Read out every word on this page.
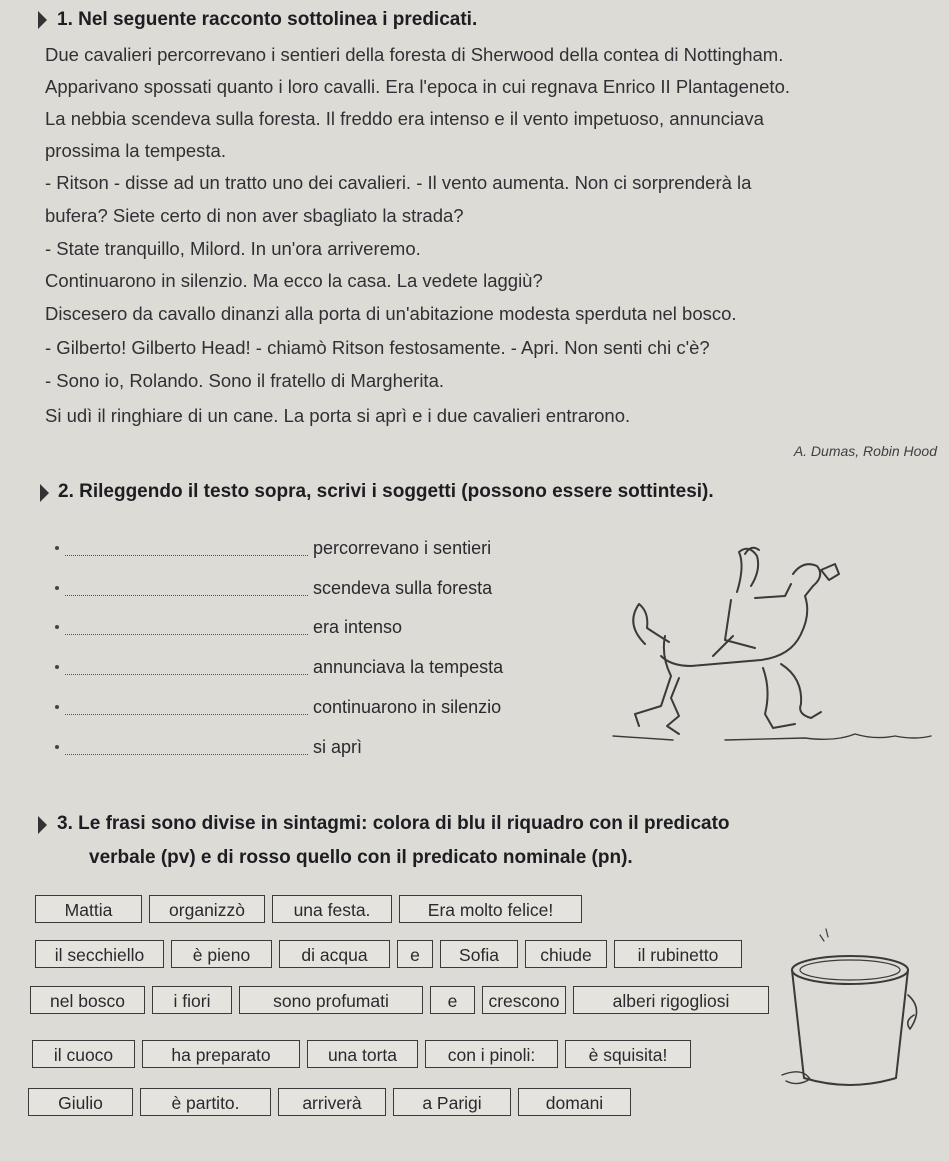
1. Nel seguente racconto sottolinea i predicati.
Due cavalieri percorrevano i sentieri della foresta di Sherwood della contea di Nottingham.
Apparivano spossati quanto i loro cavalli. Era l'epoca in cui regnava Enrico II Plantageneto.
La nebbia scendeva sulla foresta. Il freddo era intenso e il vento impetuoso, annunciava
prossima la tempesta.
- Ritson - disse ad un tratto uno dei cavalieri. - Il vento aumenta. Non ci sorprenderà la
bufera? Siete certo di non aver sbagliato la strada?
- State tranquillo, Milord. In un'ora arriveremo.
Continuarono in silenzio. Ma ecco la casa. La vedete laggiù?
Discesero da cavallo dinanzi alla porta di un'abitazione modesta sperduta nel bosco.
- Gilberto! Gilberto Head! - chiamò Ritson festosamente. - Apri. Non senti chi c'è?
- Sono io, Rolando. Sono il fratello di Margherita.
Si udì il ringhiare di un cane. La porta si aprì e i due cavalieri entrarono.
A. Dumas, Robin Hood
2. Rileggendo il testo sopra, scrivi i soggetti (possono essere sottintesi).
percorrevano i sentieri
scendeva sulla foresta
era intenso
annunciava la tempesta
continuarono in silenzio
si aprì
3. Le frasi sono divise in sintagmi: colora di blu il riquadro con il predicato
verbale (pv) e di rosso quello con il predicato nominale (pn).
Mattia	organizzò	una festa.	Era molto felice!
il secchiello	è pieno	di acqua	e	Sofia	chiude	il rubinetto
nel bosco	i fiori	sono profumati	e	crescono	alberi rigogliosi
il cuoco	ha preparato	una torta	con i pinoli:	è squisita!
Giulio	è partito.	arriverà	a Parigi	domani
